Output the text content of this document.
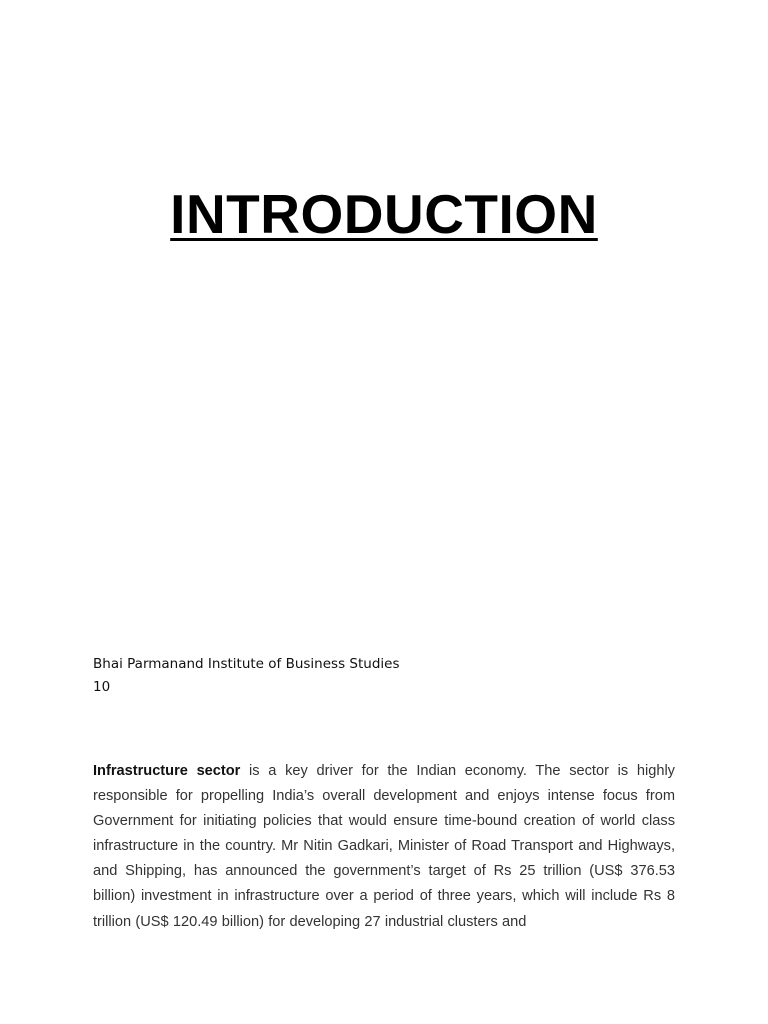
INTRODUCTION
Bhai Parmanand Institute of Business Studies
10

Infrastructure sector is a key driver for the Indian economy. The sector is highly responsible for propelling India’s overall development and enjoys intense focus from Government for initiating policies that would ensure time-bound creation of world class infrastructure in the country. Mr Nitin Gadkari, Minister of Road Transport and Highways, and Shipping, has announced the government’s target of Rs 25 trillion (US$ 376.53 billion) investment in infrastructure over a period of three years, which will include Rs 8 trillion (US$ 120.49 billion) for developing 27 industrial clusters and
